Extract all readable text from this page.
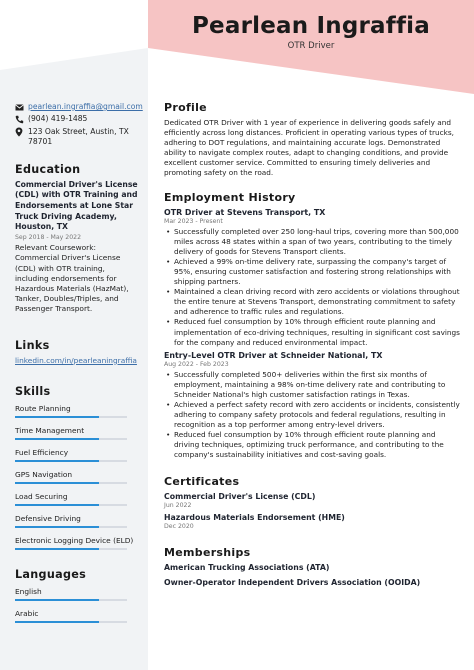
Pearlean Ingraffia
OTR Driver
pearlean.ingraffia@gmail.com
(904) 419-1485
123 Oak Street, Austin, TX 78701
Education
Commercial Driver's License (CDL) with OTR Training and Endorsements at Lone Star Truck Driving Academy, Houston, TX
Sep 2018 - May 2022
Relevant Coursework: Commercial Driver's License (CDL) with OTR training, including endorsements for Hazardous Materials (HazMat), Tanker, Doubles/Triples, and Passenger Transport.
Links
linkedin.com/in/pearleaningraffia
Skills
Route Planning
Time Management
Fuel Efficiency
GPS Navigation
Load Securing
Defensive Driving
Electronic Logging Device (ELD)
Languages
English
Arabic
Profile
Dedicated OTR Driver with 1 year of experience in delivering goods safely and efficiently across long distances. Proficient in operating various types of trucks, adhering to DOT regulations, and maintaining accurate logs. Demonstrated ability to navigate complex routes, adapt to changing conditions, and provide excellent customer service. Committed to ensuring timely deliveries and promoting safety on the road.
Employment History
OTR Driver at Stevens Transport, TX
Mar 2023 - Present
• Successfully completed over 250 long-haul trips, covering more than 500,000 miles across 48 states within a span of two years, contributing to the timely delivery of goods for Stevens Transport clients.
• Achieved a 99% on-time delivery rate, surpassing the company's target of 95%, ensuring customer satisfaction and fostering strong relationships with shipping partners.
• Maintained a clean driving record with zero accidents or violations throughout the entire tenure at Stevens Transport, demonstrating commitment to safety and adherence to traffic rules and regulations.
• Reduced fuel consumption by 10% through efficient route planning and implementation of eco-driving techniques, resulting in significant cost savings for the company and reduced environmental impact.
Entry-Level OTR Driver at Schneider National, TX
Aug 2022 - Feb 2023
• Successfully completed 500+ deliveries within the first six months of employment, maintaining a 98% on-time delivery rate and contributing to Schneider National's high customer satisfaction ratings in Texas.
• Achieved a perfect safety record with zero accidents or incidents, consistently adhering to company safety protocols and federal regulations, resulting in recognition as a top performer among entry-level drivers.
• Reduced fuel consumption by 10% through efficient route planning and driving techniques, optimizing truck performance, and contributing to the company's sustainability initiatives and cost-saving goals.
Certificates
Commercial Driver's License (CDL)
Jun 2022
Hazardous Materials Endorsement (HME)
Dec 2020
Memberships
American Trucking Associations (ATA)
Owner-Operator Independent Drivers Association (OOIDA)
